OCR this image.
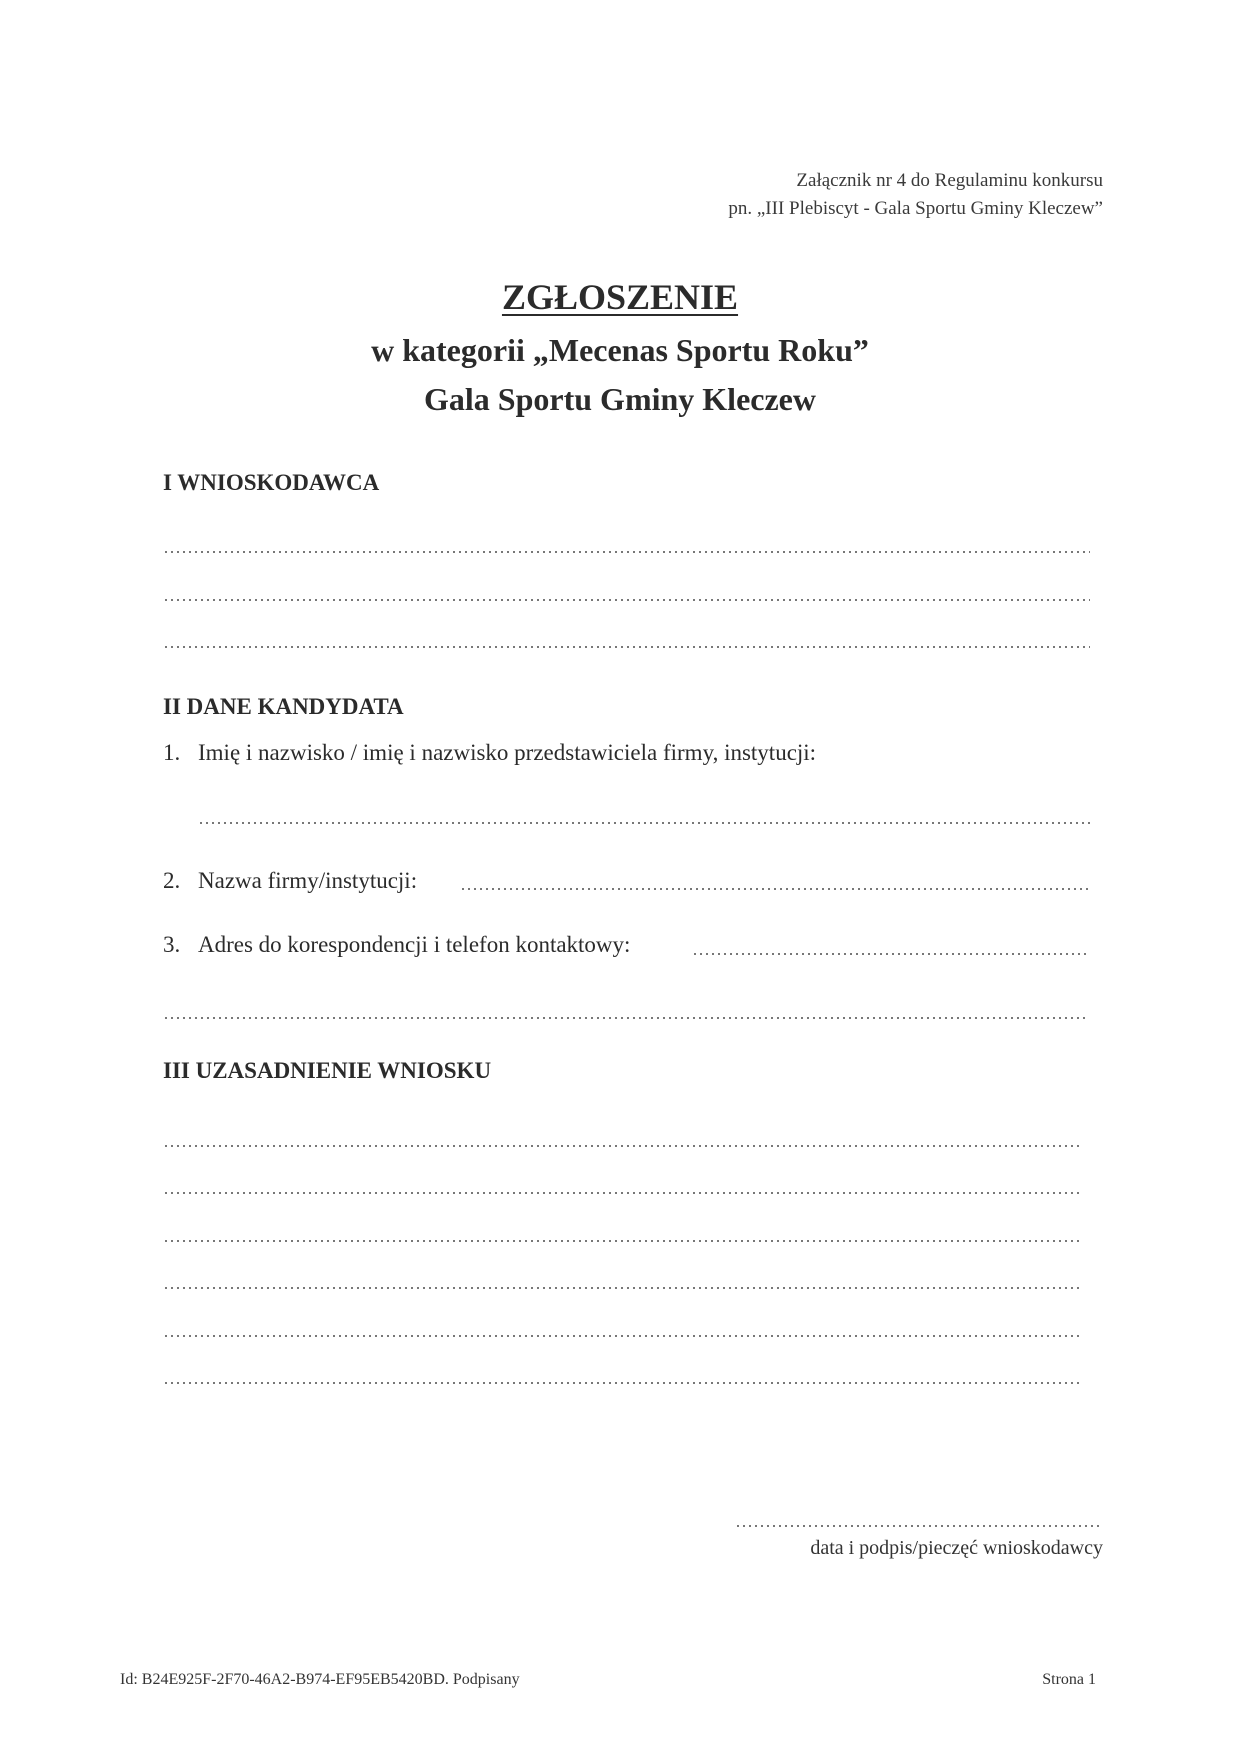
Załącznik nr 4 do Regulaminu konkursu
pn. „III Plebiscyt - Gala Sportu Gminy Kleczew”
ZGŁOSZENIE
w kategorii „Mecenas Sportu Roku”
Gala Sportu Gminy Kleczew
I WNIOSKODAWCA
II DANE KANDYDATA
1. Imię i nazwisko / imię i nazwisko przedstawiciela firmy, instytucji:
2. Nazwa firmy/instytucji:
3. Adres do korespondencji i telefon kontaktowy:
III UZASADNIENIE WNIOSKU
data i podpis/pieczęć wnioskodawcy
Id: B24E925F-2F70-46A2-B974-EF95EB5420BD. Podpisany	Strona 1
